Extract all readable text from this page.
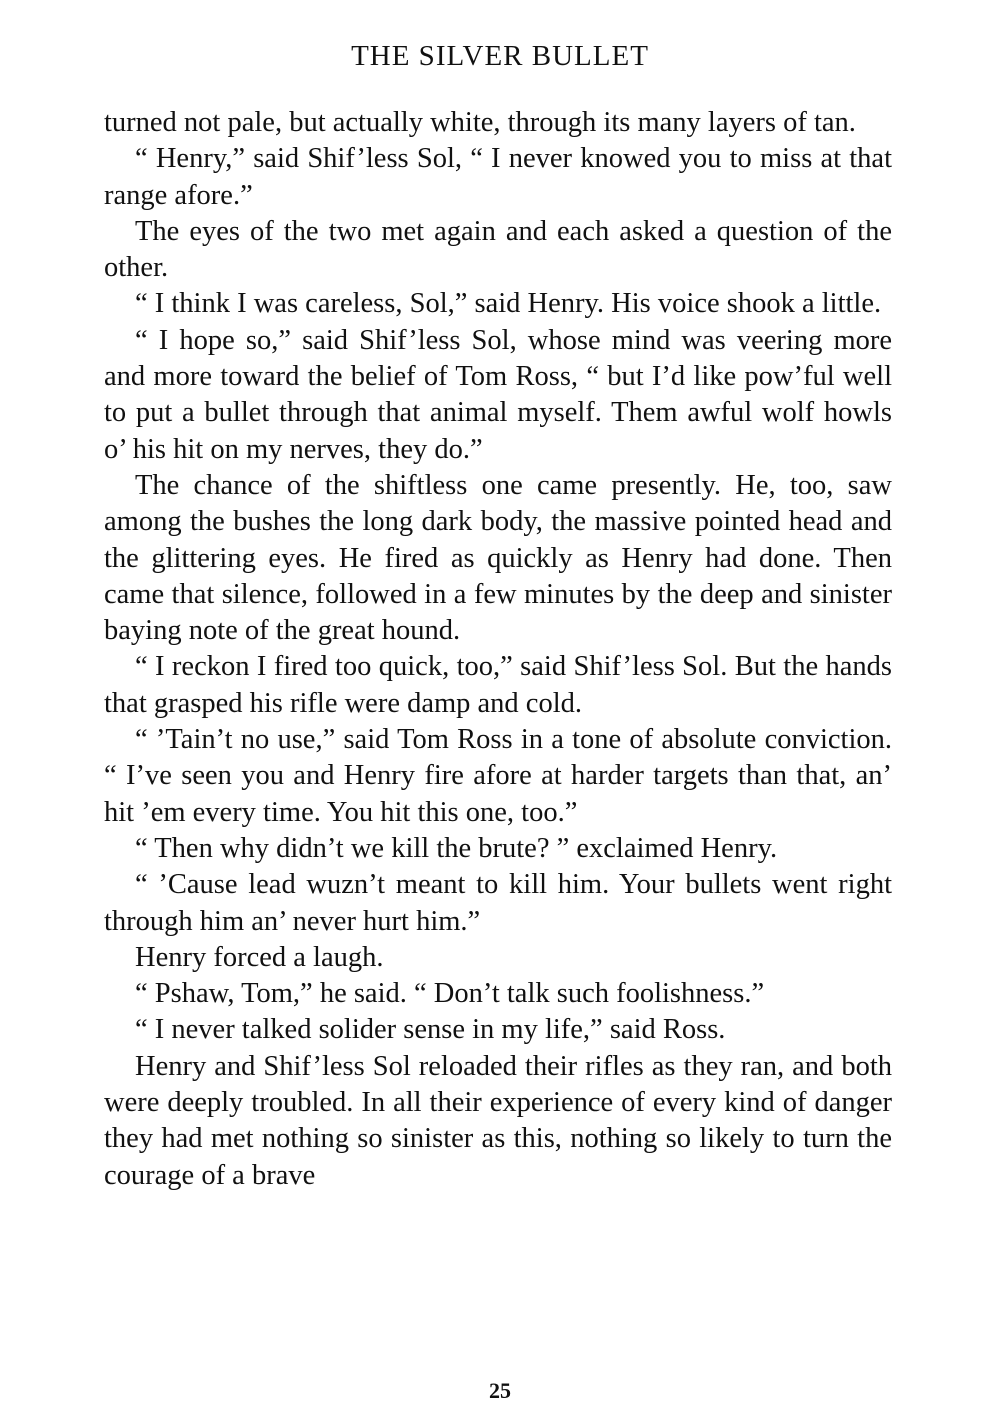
THE SILVER BULLET

turned not pale, but actually white, through its many layers of tan.

“ Henry,” said Shif’less Sol, “ I never knowed you to miss at that range afore.”

The eyes of the two met again and each asked a question of the other.

“ I think I was careless, Sol,” said Henry. His voice shook a little.

“ I hope so,” said Shif’less Sol, whose mind was veering more and more toward the belief of Tom Ross, “ but I’d like pow’ful well to put a bullet through that animal myself. Them awful wolf howls o’ his hit on my nerves, they do.”

The chance of the shiftless one came presently. He, too, saw among the bushes the long dark body, the massive pointed head and the glittering eyes. He fired as quickly as Henry had done. Then came that silence, followed in a few minutes by the deep and sinister baying note of the great hound.

“ I reckon I fired too quick, too,” said Shif’less Sol. But the hands that grasped his rifle were damp and cold.

“ ’Tain’t no use,” said Tom Ross in a tone of absolute conviction. “ I’ve seen you and Henry fire afore at harder targets than that, an’ hit ’em every time. You hit this one, too.”

“ Then why didn’t we kill the brute? ” exclaimed Henry.

“ ’Cause lead wuzn’t meant to kill him. Your bullets went right through him an’ never hurt him.”

Henry forced a laugh.

“ Pshaw, Tom,” he said. “ Don’t talk such foolishness.”

“ I never talked solider sense in my life,” said Ross.

Henry and Shif’less Sol reloaded their rifles as they ran, and both were deeply troubled. In all their experience of every kind of danger they had met nothing so sinister as this, nothing so likely to turn the courage of a brave

25
